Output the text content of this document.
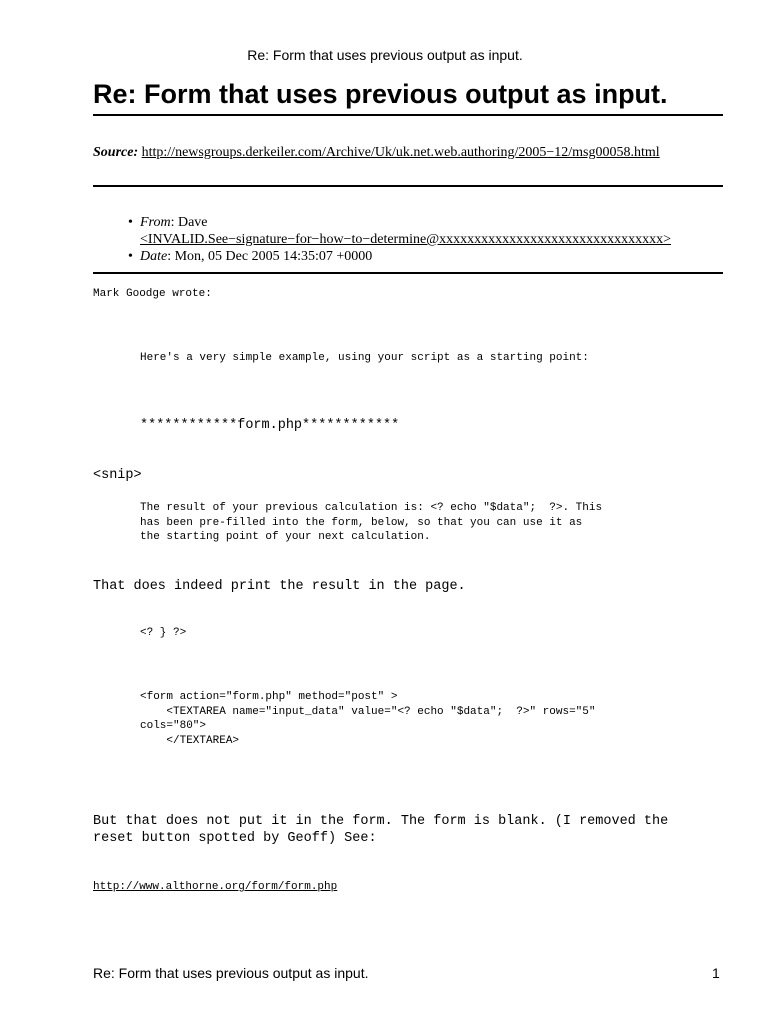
Re: Form that uses previous output as input.
Re: Form that uses previous output as input.
Source: http://newsgroups.derkeiler.com/Archive/Uk/uk.net.web.authoring/2005−12/msg00058.html
• From: Dave
<INVALID.See−signature−for−how−to−determine@xxxxxxxxxxxxxxxxxxxxxxxxxxxxxxxx>
• Date: Mon, 05 Dec 2005 14:35:07 +0000
Mark Goodge wrote:
Here's a very simple example, using your script as a starting point:
************form.php************
<snip>
The result of your previous calculation is: <? echo "$data";  ?>. This
has been pre-filled into the form, below, so that you can use it as
the starting point of your next calculation.
That does indeed print the result in the page.
<? } ?>
<form action="form.php" method="post" >
<TEXTAREA name="input_data" value="<? echo "$data";  ?>" rows="5"
cols="80">
</TEXTAREA>
But that does not put it in the form. The form is blank. (I removed the
reset button spotted by Geoff) See:
http://www.althorne.org/form/form.php
Re: Form that uses previous output as input.	1
